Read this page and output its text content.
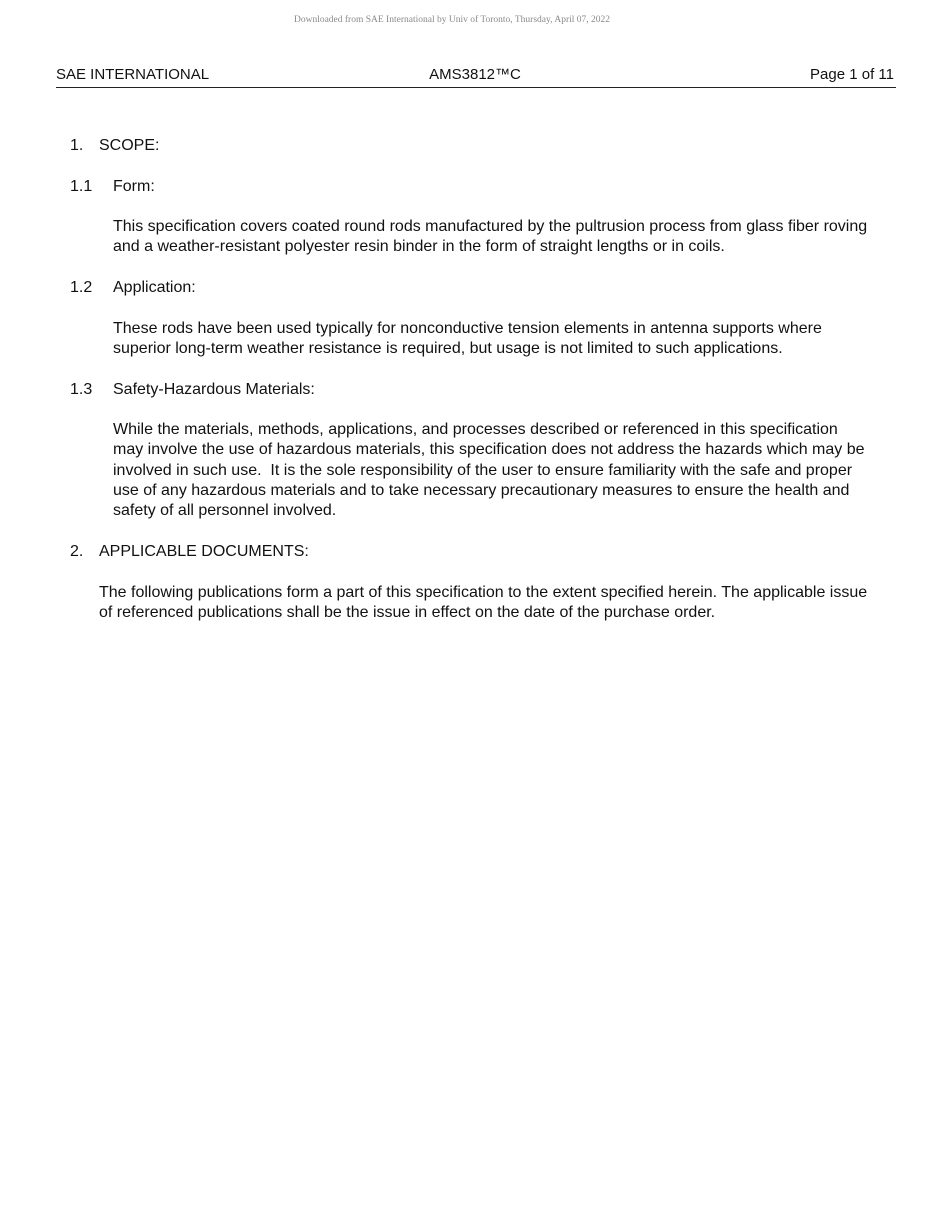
Downloaded from SAE International by Univ of Toronto, Thursday, April 07, 2022
SAE INTERNATIONAL	AMS3812™C	Page 1 of 11
1. SCOPE:
1.1 Form:

This specification covers coated round rods manufactured by the pultrusion process from glass fiber roving and a weather-resistant polyester resin binder in the form of straight lengths or in coils.

1.2 Application:

These rods have been used typically for nonconductive tension elements in antenna supports where superior long-term weather resistance is required, but usage is not limited to such applications.

1.3 Safety-Hazardous Materials:

While the materials, methods, applications, and processes described or referenced in this specification may involve the use of hazardous materials, this specification does not address the hazards which may be involved in such use.  It is the sole responsibility of the user to ensure familiarity with the safe and proper use of any hazardous materials and to take necessary precautionary measures to ensure the health and safety of all personnel involved.

2. APPLICABLE DOCUMENTS:

The following publications form a part of this specification to the extent specified herein. The applicable issue of referenced publications shall be the issue in effect on the date of the purchase order.
